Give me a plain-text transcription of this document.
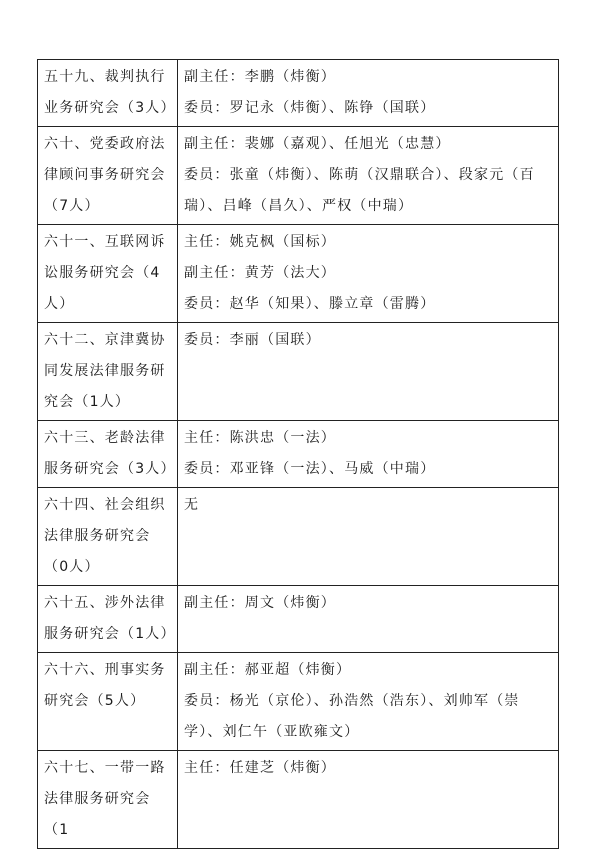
五十九、裁判执行业务研究会（3人）	副主任：李鹏（炜衡）
委员：罗记永（炜衡）、陈铮（国联）

六十、党委政府法律顾问事务研究会（7人）	副主任：裴娜（嘉观）、任旭光（忠慧）
委员：张童（炜衡）、陈萌（汉鼎联合）、段家元（百瑞）、吕峰（昌久）、严权（中瑞）

六十一、互联网诉讼服务研究会（4人）	主任：姚克枫（国标）
副主任：黄芳（法大）
委员：赵华（知果）、滕立章（雷腾）

六十二、京津冀协同发展法律服务研究会（1人）	委员：李丽（国联）

六十三、老龄法律服务研究会（3人）	主任：陈洪忠（一法）
委员：邓亚锋（一法）、马威（中瑞）

六十四、社会组织法律服务研究会（0人）	无

六十五、涉外法律服务研究会（1人）	副主任：周文（炜衡）

六十六、刑事实务研究会（5人）	副主任：郝亚超（炜衡）
委员：杨光（京伦）、孙浩然（浩东）、刘帅军（崇学）、刘仁午（亚欧雍文）

六十七、一带一路法律服务研究会（1	主任：任建芝（炜衡）
